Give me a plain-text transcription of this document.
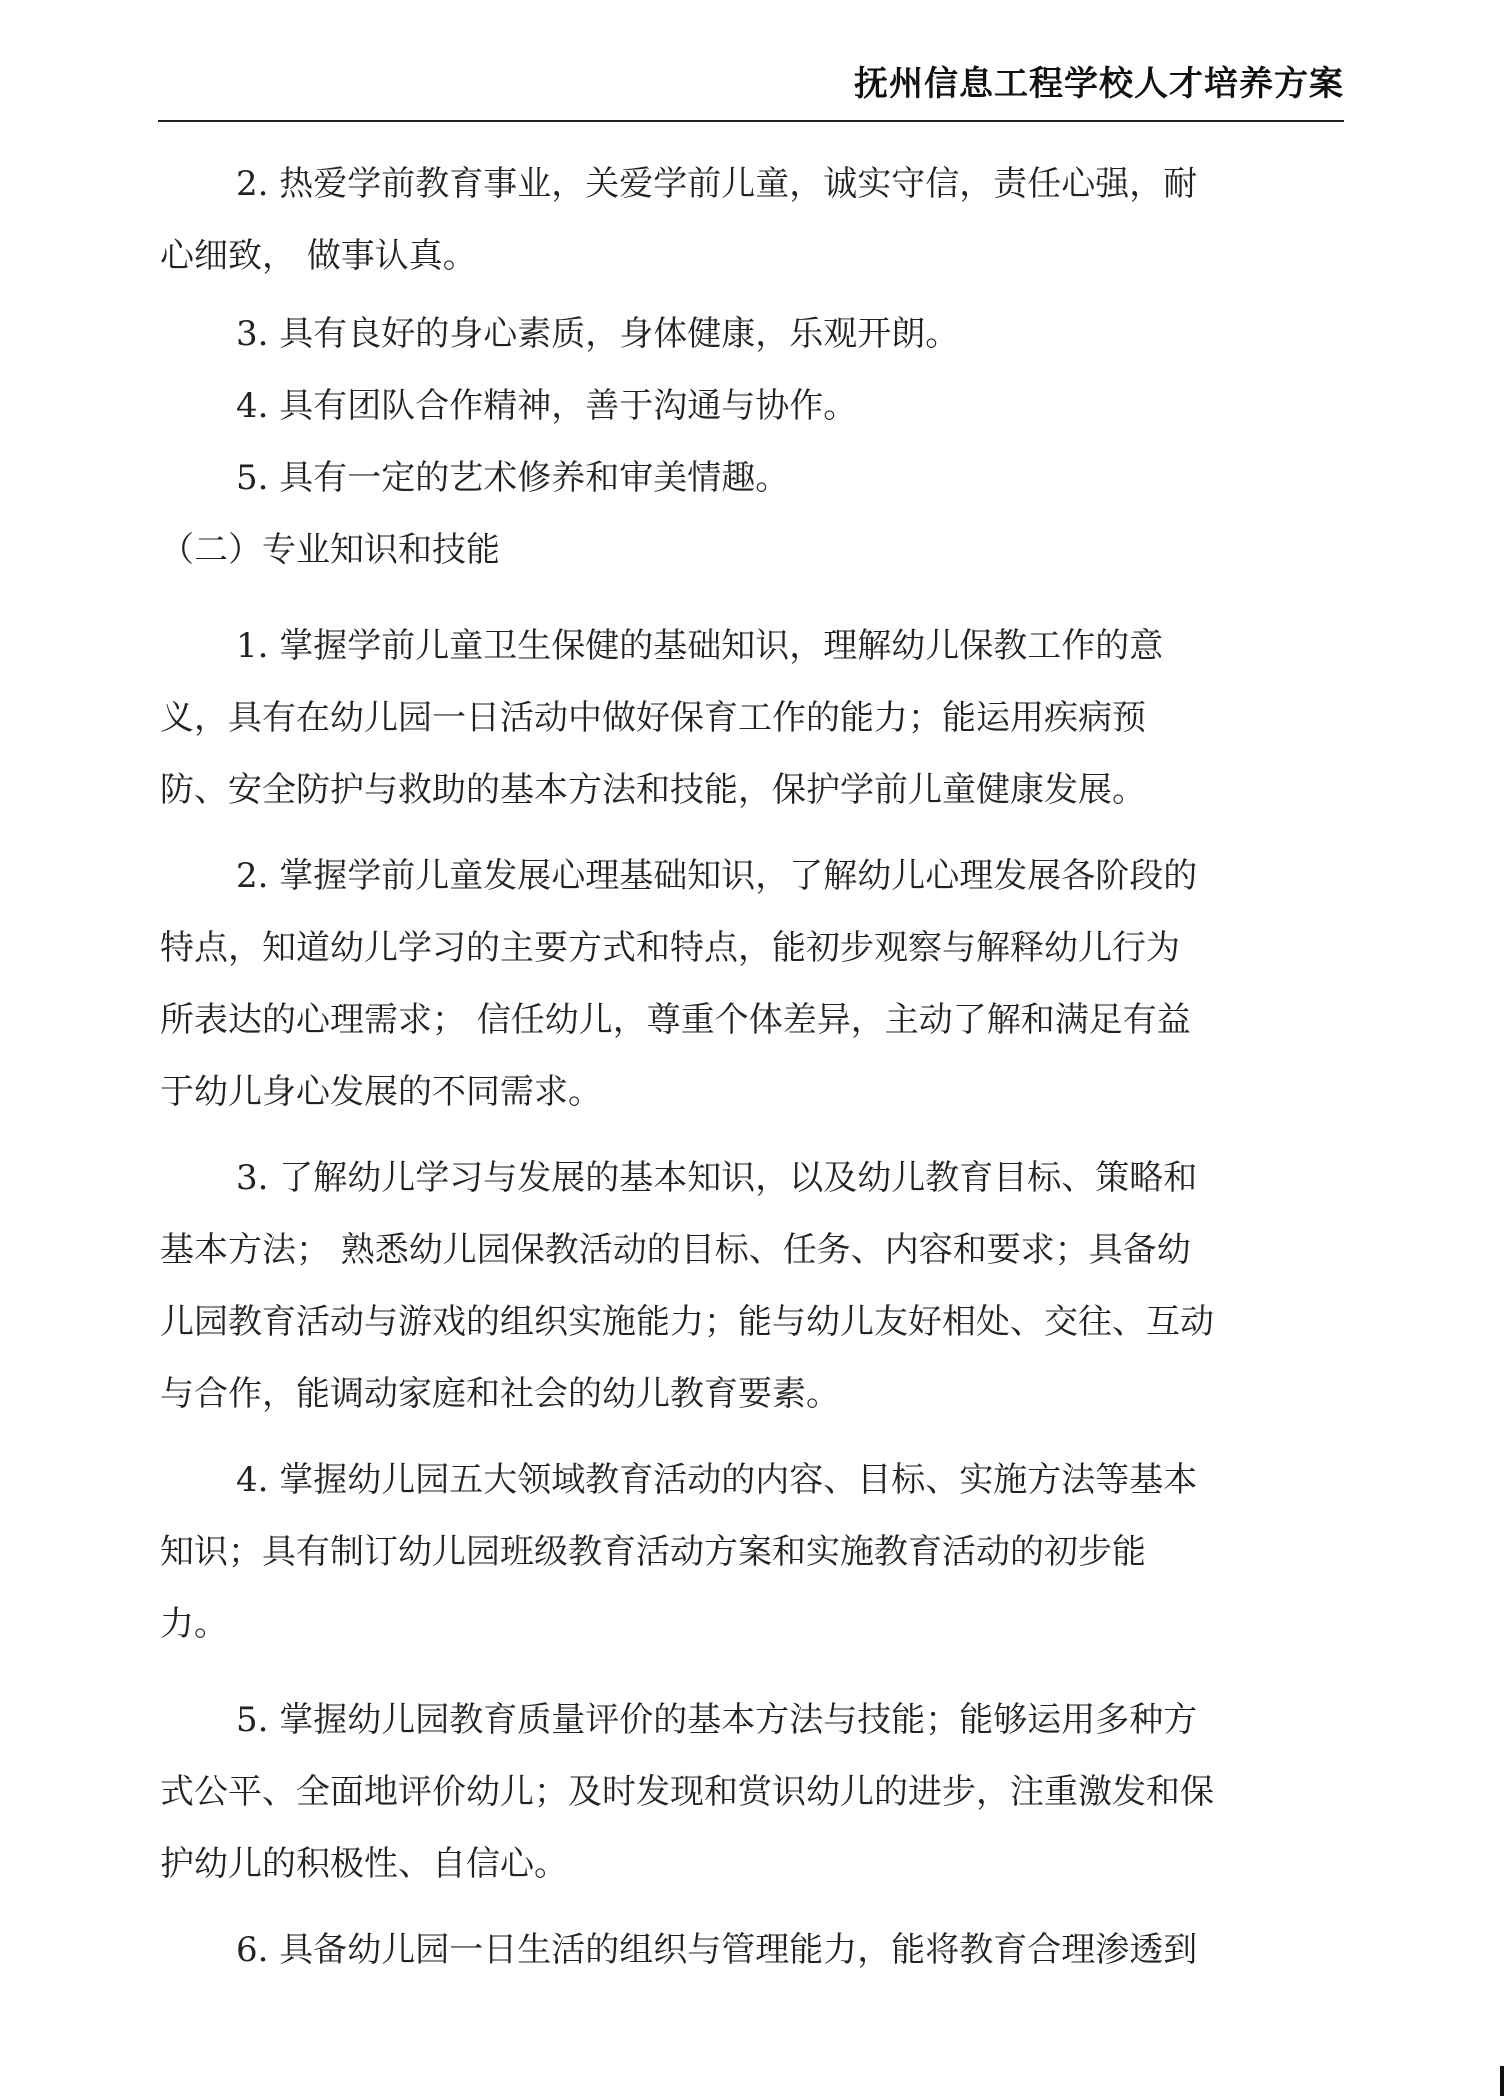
抚州信息工程学校人才培养方案
2. 热爱学前教育事业，关爱学前儿童，诚实守信，责任心强，耐
心细致， 做事认真。
3. 具有良好的身心素质，身体健康，乐观开朗。
4. 具有团队合作精神，善于沟通与协作。
5. 具有一定的艺术修养和审美情趣。
（二）专业知识和技能
1. 掌握学前儿童卫生保健的基础知识，理解幼儿保教工作的意
义，具有在幼儿园一日活动中做好保育工作的能力；能运用疾病预
防、安全防护与救助的基本方法和技能，保护学前儿童健康发展。
2. 掌握学前儿童发展心理基础知识，了解幼儿心理发展各阶段的
特点，知道幼儿学习的主要方式和特点，能初步观察与解释幼儿行为
所表达的心理需求； 信任幼儿，尊重个体差异，主动了解和满足有益
于幼儿身心发展的不同需求。
3. 了解幼儿学习与发展的基本知识，以及幼儿教育目标、策略和
基本方法； 熟悉幼儿园保教活动的目标、任务、内容和要求；具备幼
儿园教育活动与游戏的组织实施能力；能与幼儿友好相处、交往、互动
与合作，能调动家庭和社会的幼儿教育要素。
4. 掌握幼儿园五大领域教育活动的内容、目标、实施方法等基本
知识；具有制订幼儿园班级教育活动方案和实施教育活动的初步能
力。
5. 掌握幼儿园教育质量评价的基本方法与技能；能够运用多种方
式公平、全面地评价幼儿；及时发现和赏识幼儿的进步，注重激发和保
护幼儿的积极性、自信心。
6. 具备幼儿园一日生活的组织与管理能力，能将教育合理渗透到
